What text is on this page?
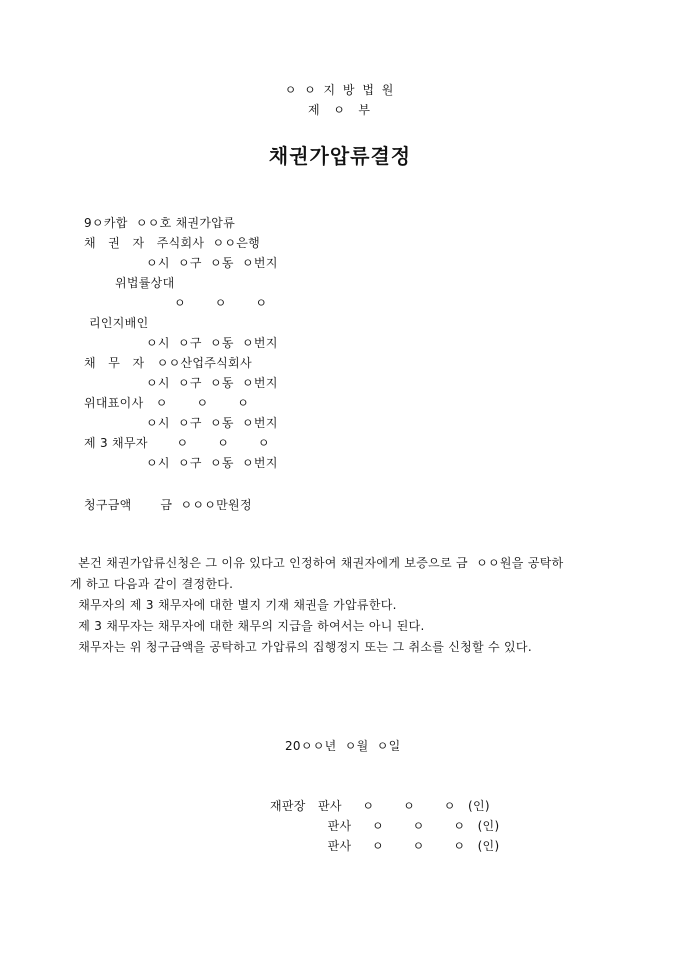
ㅇ ㅇ 지 방 법 원
제  ㅇ  부
채권가압류결정
9ㅇ카합  ㅇㅇ호 채권가압류
채   권   자   주식회사  ㅇㅇ은행
ㅇ시  ㅇ구  ㅇ동  ㅇ번지
위법률상대
ㅇ       ㅇ       ㅇ
리인지배인
ㅇ시  ㅇ구  ㅇ동  ㅇ번지
채   무   자   ㅇㅇ산업주식회사
ㅇ시  ㅇ구  ㅇ동  ㅇ번지
위대표이사   ㅇ       ㅇ       ㅇ
ㅇ시  ㅇ구  ㅇ동  ㅇ번지
제 3 채무자       ㅇ       ㅇ       ㅇ
ㅇ시  ㅇ구  ㅇ동  ㅇ번지
청구금액       금  ㅇㅇㅇ만원정

본건 채권가압류신청은 그 이유 있다고 인정하여 채권자에게 보증으로 금  ㅇㅇ원을 공탁하

게 하고 다음과 같이 결정한다.

채무자의 제 3 채무자에 대한 별지 기재 채권을 가압류한다.

제 3 채무자는 채무자에 대한 채무의 지급을 하여서는 아니 된다.

채무자는 위 청구금액을 공탁하고 가압류의 집행정지 또는 그 취소를 신청할 수 있다.

20ㅇㅇ년  ㅇ월  ㅇ일
재판장   판사     ㅇ       ㅇ       ㅇ   (인)
판사     ㅇ       ㅇ       ㅇ   (인)
판사     ㅇ       ㅇ       ㅇ   (인)
